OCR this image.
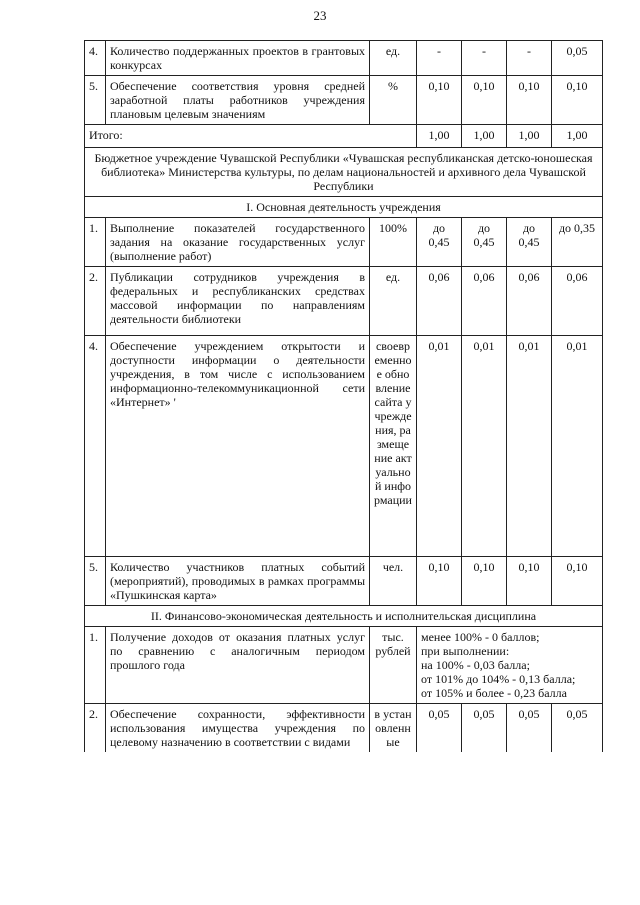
23
4.	Количество поддержанных проектов в грантовых конкурсах	ед.	-	-	-	0,05
5.	Обеспечение соответствия уровня средней заработной платы работников учреждения плановым целевым значениям	%	0,10	0,10	0,10	0,10
Итого:			1,00	1,00	1,00	1,00
Бюджетное учреждение Чувашской Республики «Чувашская республиканская детско-юношеская библиотека» Министерства культуры, по делам национальностей и архивного дела Чувашской Республики						
I. Основная деятельность учреждения						
1.	Выполнение показателей государственного задания на оказание государственных услуг (выполнение работ)	100%	до 0,45	до 0,45	до 0,45	до 0,35
2.	Публикации сотрудников учреждения в федеральных и республиканских средствах массовой информации по направлениям деятельности библиотеки	ед.	0,06	0,06	0,06	0,06
4.	Обеспечение учреждением открытости и доступности информации о деятельности учреждения, в том числе с использованием информационно-телекоммуникационной сети «Интернет» '	своевременное обновление сайта учреждения, размещение актуальной информации	0,01	0,01	0,01	0,01
5.	Количество участников платных событий (мероприятий), проводимых в рамках программы «Пушкинская карта»	чел.	0,10	0,10	0,10	0,10
II. Финансово-экономическая деятельность и исполнительская дисциплина						
1.	Получение доходов от оказания платных услуг по сравнению с аналогичным периодом прошлого года	тыс. рублей	менее 100% - 0 баллов;
при выполнении:
на 100% - 0,03 балла;
от 101% до 104% - 0,13 балла;
от 105% и более - 0,23 балла			

2.	Обеспечение сохранности, эффективности использования имущества учреждения по целевому назначению в соответствии с видами	в установленные	0,05	0,05	0,05	0,05
